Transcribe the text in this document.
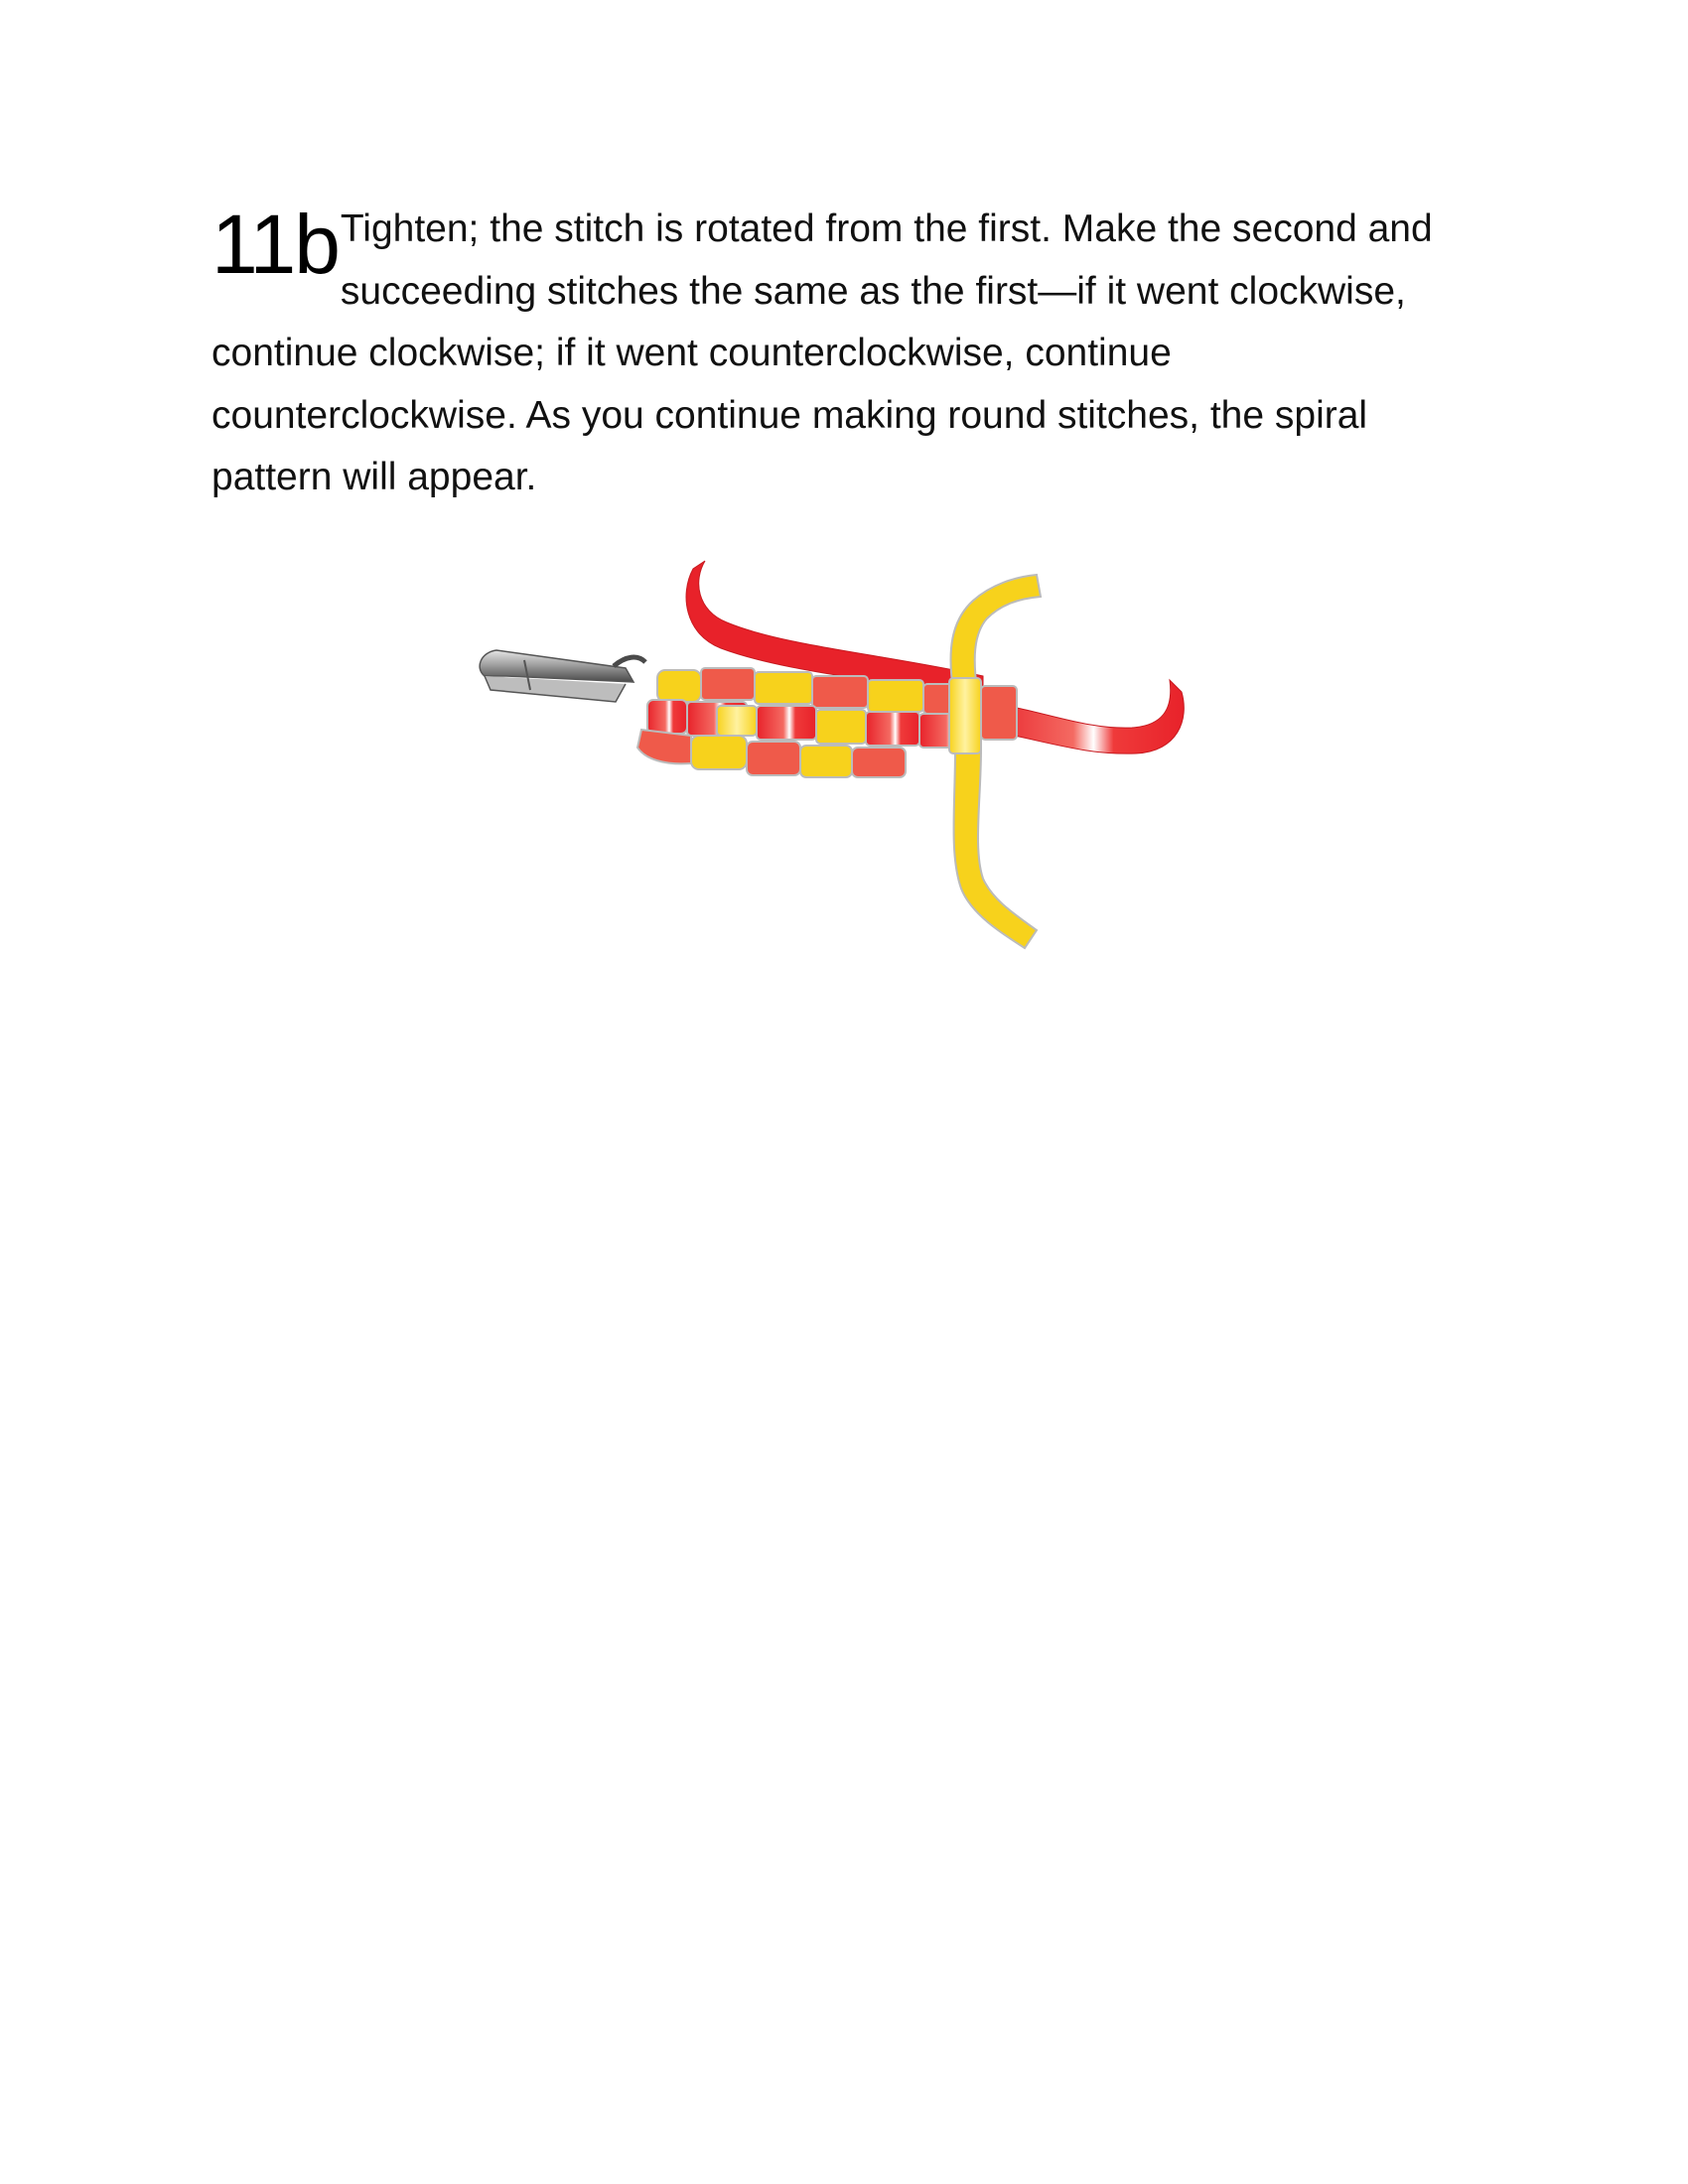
11b Tighten; the stitch is rotated from the first. Make the second and succeeding stitches the same as the first—if it went clockwise, continue clockwise; if it went counterclockwise, continue counterclockwise. As you continue making round stitches, the spiral pattern will appear.
